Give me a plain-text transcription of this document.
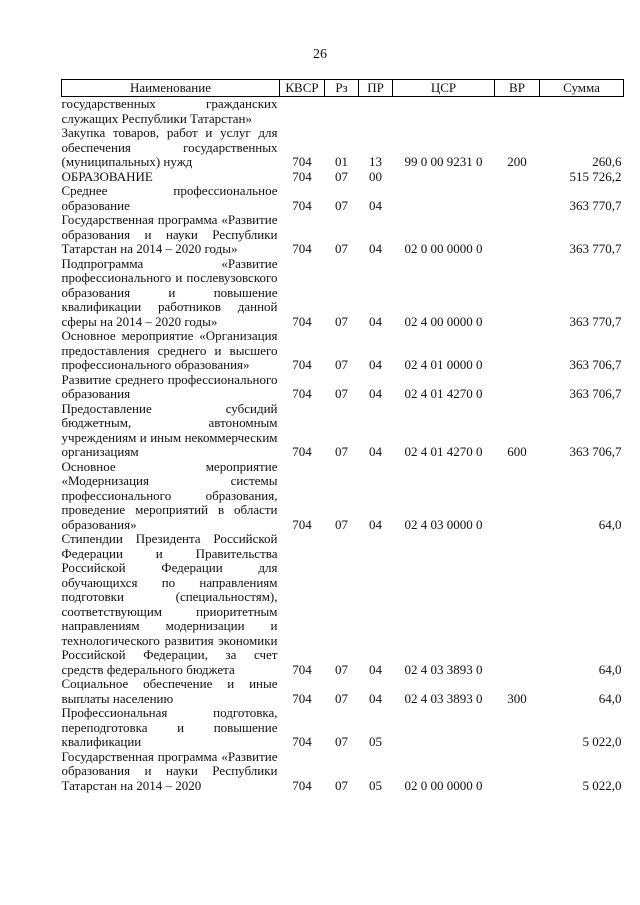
26
Наименование	КВСР	Рз	ПР	ЦСР	ВР	Сумма
государственных гражданских служащих Республики Татарстан»						
Закупка товаров, работ и услуг для обеспечения государственных (муниципальных) нужд	704	01	13	99 0 00 9231 0	200	260,6
ОБРАЗОВАНИЕ	704	07	00			515 726,2
Среднее профессиональное образование	704	07	04			363 770,7
Государственная программа «Развитие образования и науки Республики Татарстан на 2014 – 2020 годы»	704	07	04	02 0 00 0000 0		363 770,7
Подпрограмма «Развитие профессионального и послевузовского образования и повышение квалификации работников данной сферы на 2014 – 2020 годы»	704	07	04	02 4 00 0000 0		363 770,7
Основное мероприятие «Организация предоставления среднего и высшего профессионального образования»	704	07	04	02 4 01 0000 0		363 706,7
Развитие среднего профессионального образования	704	07	04	02 4 01 4270 0		363 706,7
Предоставление субсидий бюджетным, автономным учреждениям и иным некоммерческим организациям	704	07	04	02 4 01 4270 0	600	363 706,7
Основное мероприятие «Модернизация системы профессионального образования, проведение мероприятий в области образования»	704	07	04	02 4 03 0000 0		64,0
Стипендии Президента Российской Федерации и Правительства Российской Федерации для обучающихся по направлениям подготовки (специальностям), соответствующим приоритетным направлениям модернизации и технологического развития экономики Российской Федерации, за счет средств федерального бюджета	704	07	04	02 4 03 3893 0		64,0
Социальное обеспечение и иные выплаты населению	704	07	04	02 4 03 3893 0	300	64,0
Профессиональная подготовка, переподготовка и повышение квалификации	704	07	05			5 022,0
Государственная программа «Развитие образования и науки Республики Татарстан на 2014 – 2020	704	07	05	02 0 00 0000 0		5 022,0
